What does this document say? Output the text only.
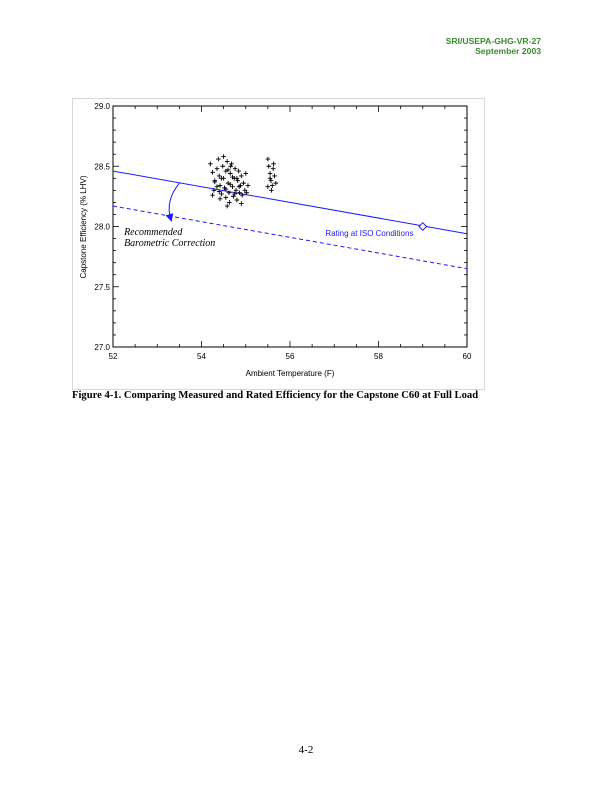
SRI/USEPA-GHG-VR-27
September 2003
52	54	56	58	60
27.0
27.5
28.0
28.5
29.0
Ambient Temperature (F)
Capstone Efficiency (% LHV)	Rating at ISO Conditions
Recommended
Barometric Correction
Figure 4-1. Comparing Measured and Rated Efficiency for the Capstone C60 at Full Load
4-2
